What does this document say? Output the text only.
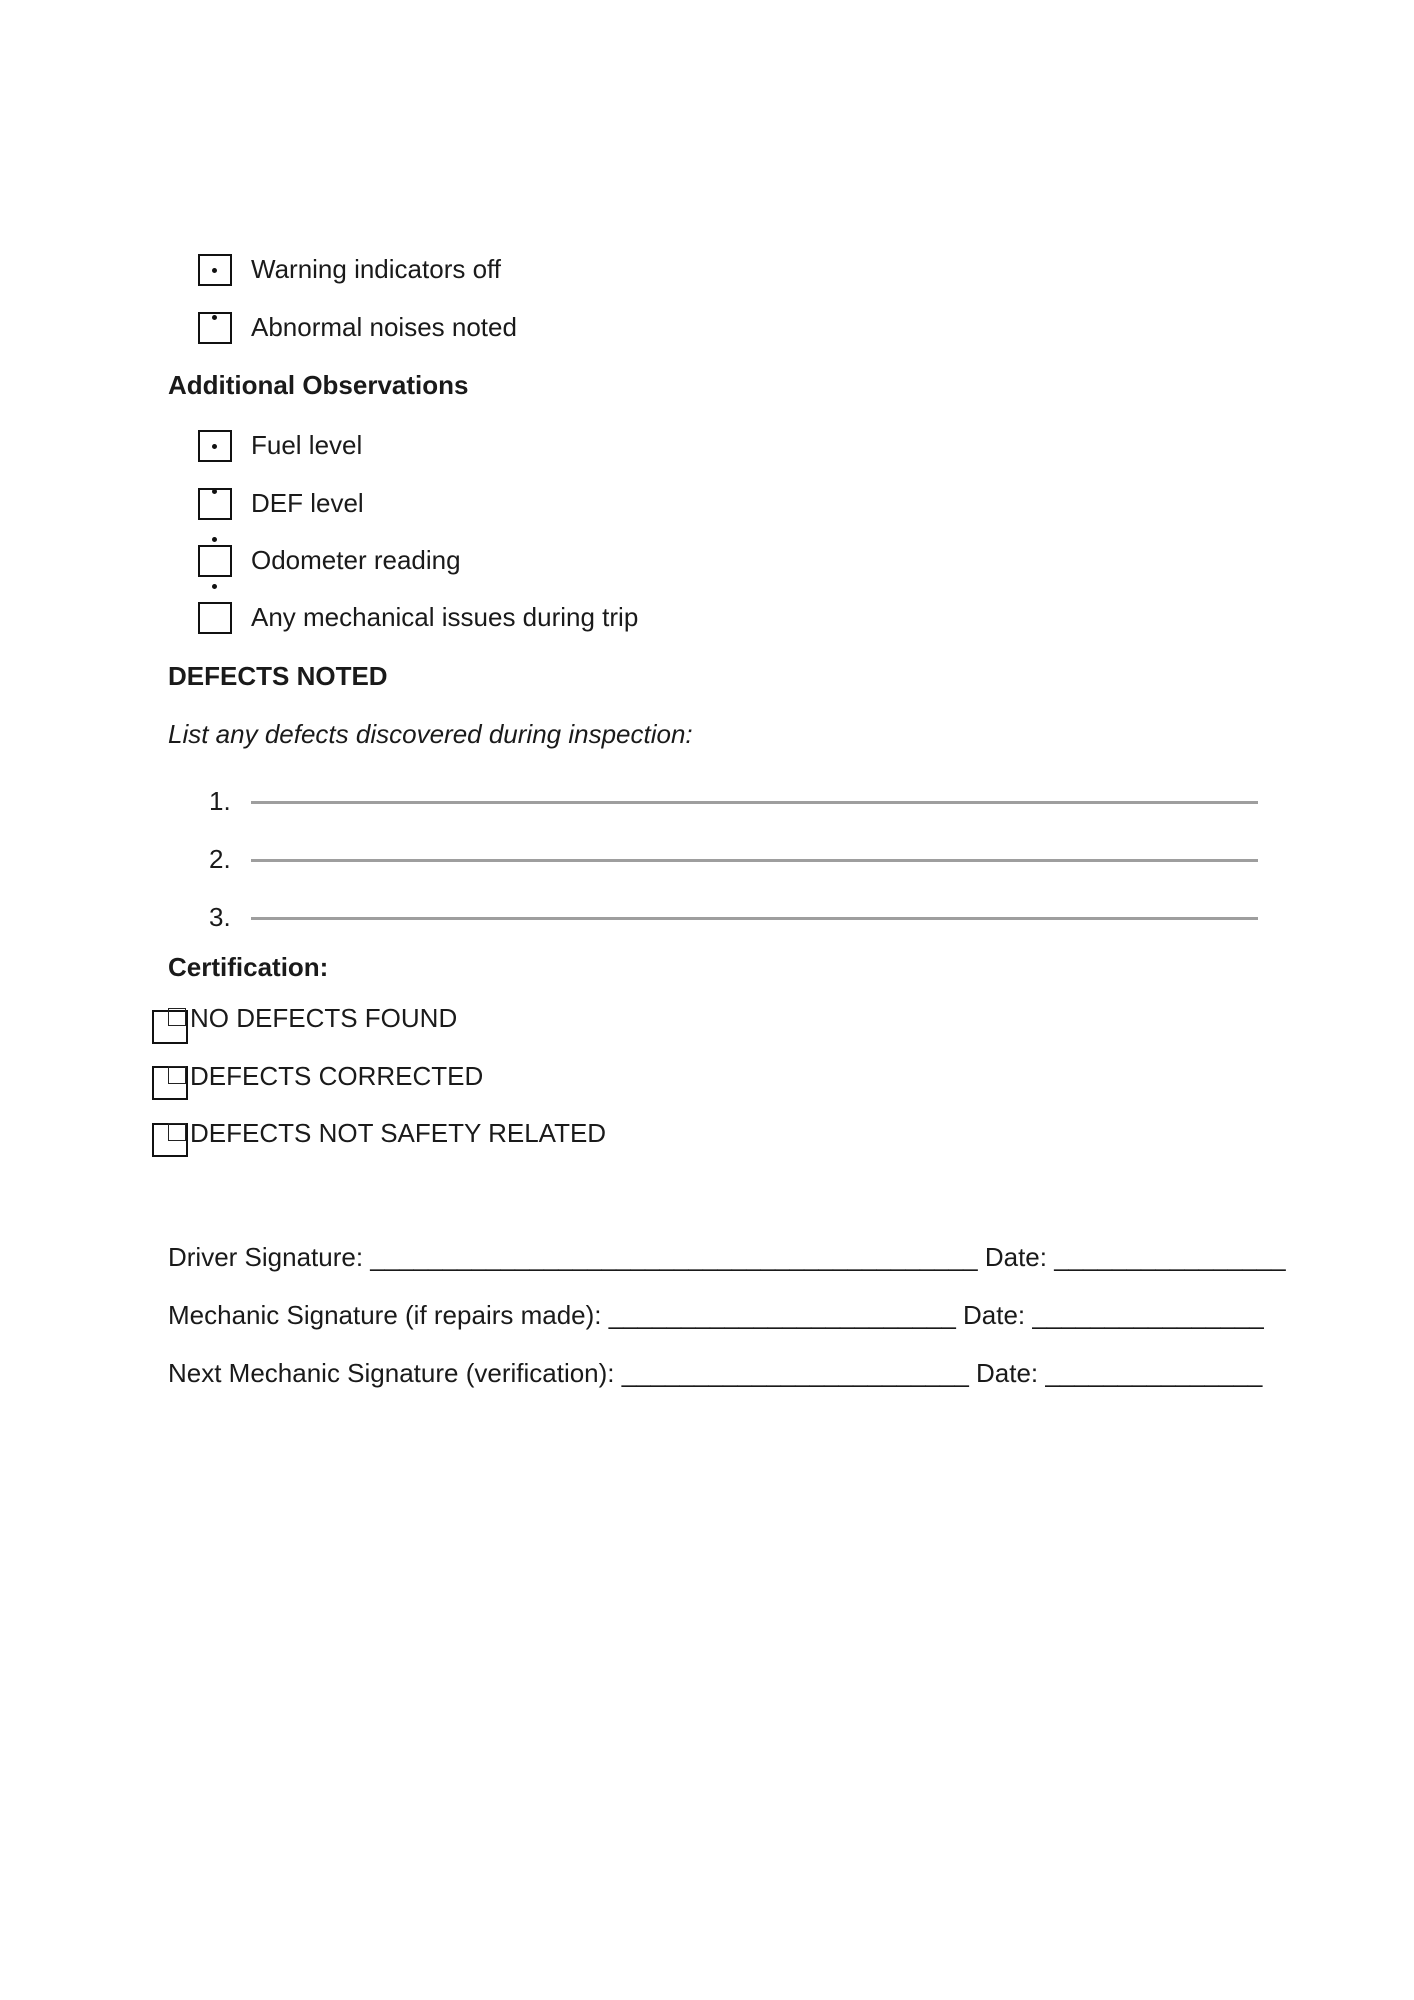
Warning indicators off
Abnormal noises noted
Additional Observations
Fuel level
DEF level
Odometer reading
Any mechanical issues during trip
DEFECTS NOTED
List any defects discovered during inspection:
1.
2.
3.
Certification:
NO DEFECTS FOUND
DEFECTS CORRECTED
DEFECTS NOT SAFETY RELATED
Driver Signature: __________________________________________ Date: ________________
Mechanic Signature (if repairs made): ________________________ Date: ________________
Next Mechanic Signature (verification): ________________________ Date: _______________
